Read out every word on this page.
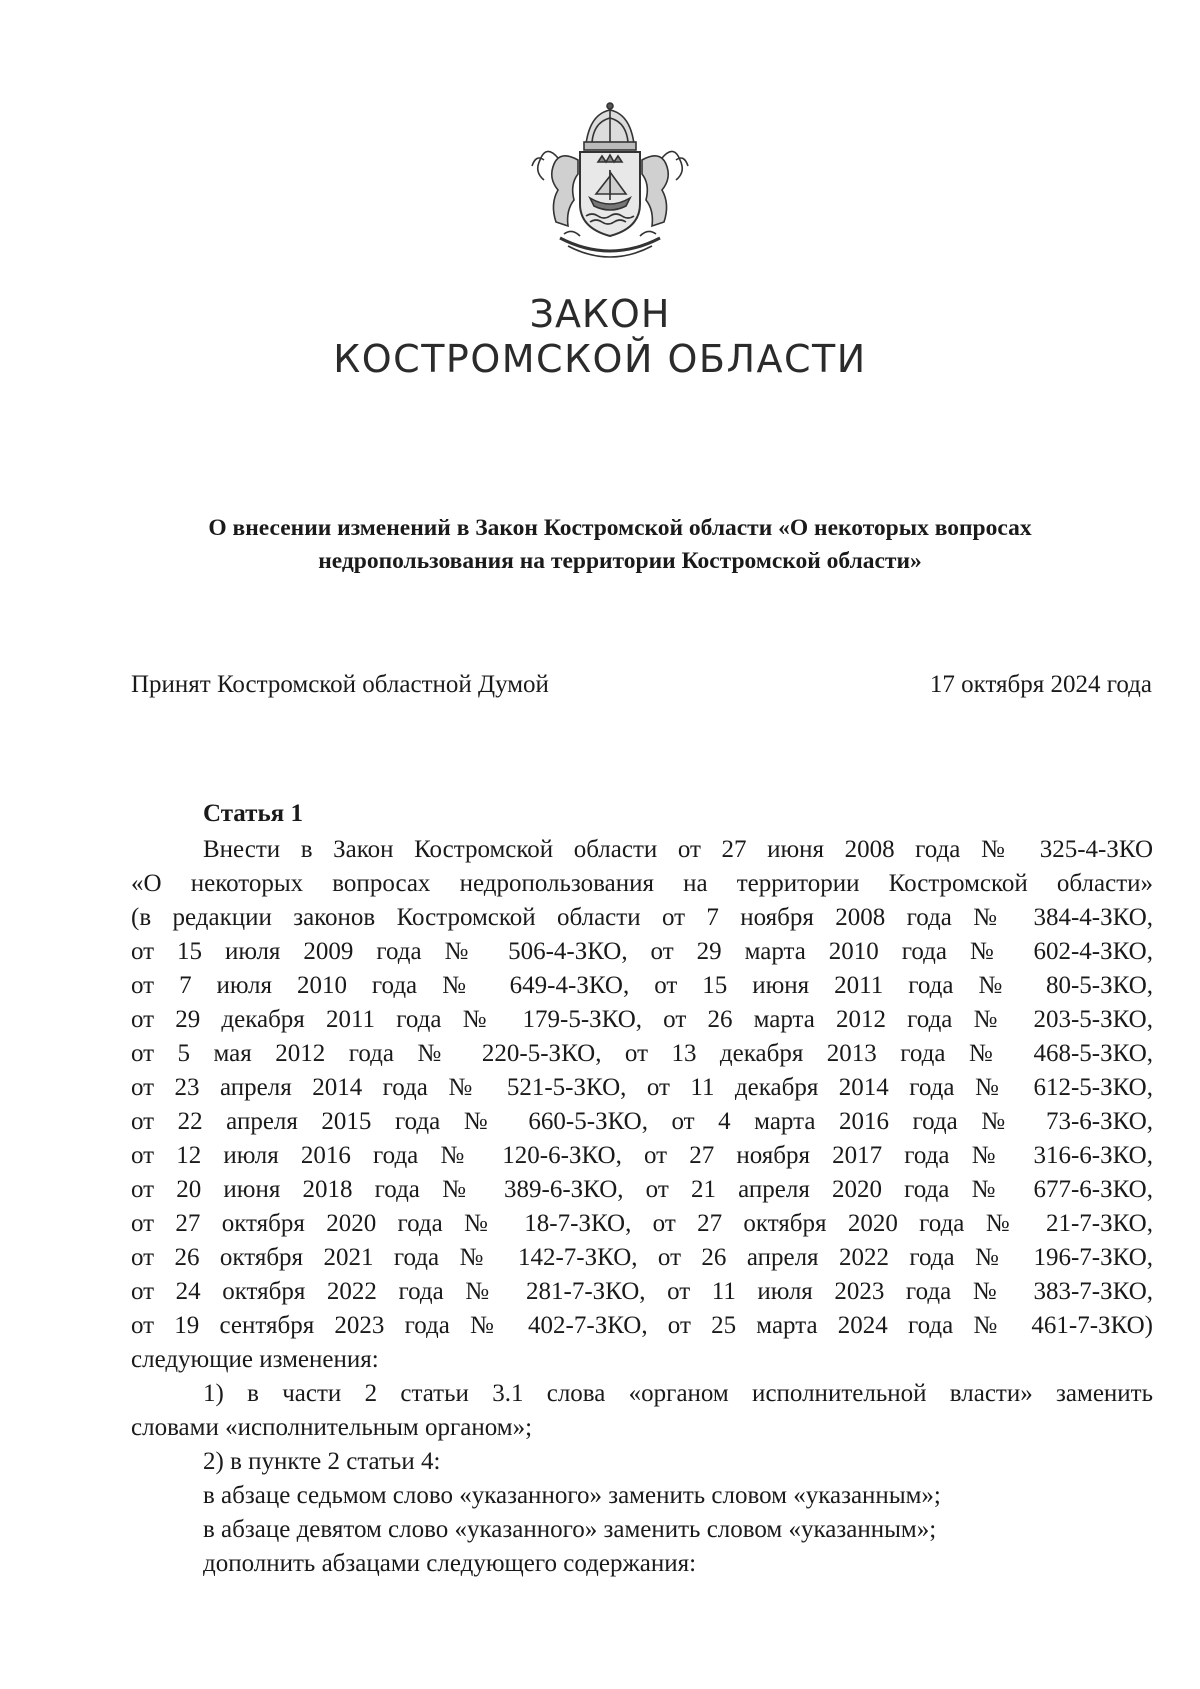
ЗАКОН
КОСТРОМСКОЙ ОБЛАСТИ
О внесении изменений в Закон Костромской области «О некоторых вопросах
недропользования на территории Костромской области»
Принят Костромской областной Думой	17 октября 2024 года
Статья 1
Внести в Закон Костромской области от 27 июня 2008 года № 325-4-ЗКО
«О некоторых вопросах недропользования на территории Костромской области»
(в редакции законов Костромской области от 7 ноября 2008 года № 384-4-ЗКО,
от 15 июля 2009 года № 506-4-ЗКО, от 29 марта 2010 года № 602-4-ЗКО,
от 7 июля 2010 года № 649-4-ЗКО, от 15 июня 2011 года № 80-5-ЗКО,
от 29 декабря 2011 года № 179-5-ЗКО, от 26 марта 2012 года № 203-5-ЗКО,
от 5 мая 2012 года № 220-5-ЗКО, от 13 декабря 2013 года № 468-5-ЗКО,
от 23 апреля 2014 года № 521-5-ЗКО, от 11 декабря 2014 года № 612-5-ЗКО,
от 22 апреля 2015 года № 660-5-ЗКО, от 4 марта 2016 года № 73-6-ЗКО,
от 12 июля 2016 года № 120-6-ЗКО, от 27 ноября 2017 года № 316-6-ЗКО,
от 20 июня 2018 года № 389-6-ЗКО, от 21 апреля 2020 года № 677-6-ЗКО,
от 27 октября 2020 года № 18-7-ЗКО, от 27 октября 2020 года № 21-7-ЗКО,
от 26 октября 2021 года № 142-7-ЗКО, от 26 апреля 2022 года № 196-7-ЗКО,
от 24 октября 2022 года № 281-7-ЗКО, от 11 июля 2023 года № 383-7-ЗКО,
от 19 сентября 2023 года № 402-7-ЗКО, от 25 марта 2024 года № 461-7-ЗКО)
следующие изменения:
1) в части 2 статьи 3.1 слова «органом исполнительной власти» заменить
словами «исполнительным органом»;
2) в пункте 2 статьи 4:
в абзаце седьмом слово «указанного» заменить словом «указанным»;
в абзаце девятом слово «указанного» заменить словом «указанным»;
дополнить абзацами следующего содержания:
